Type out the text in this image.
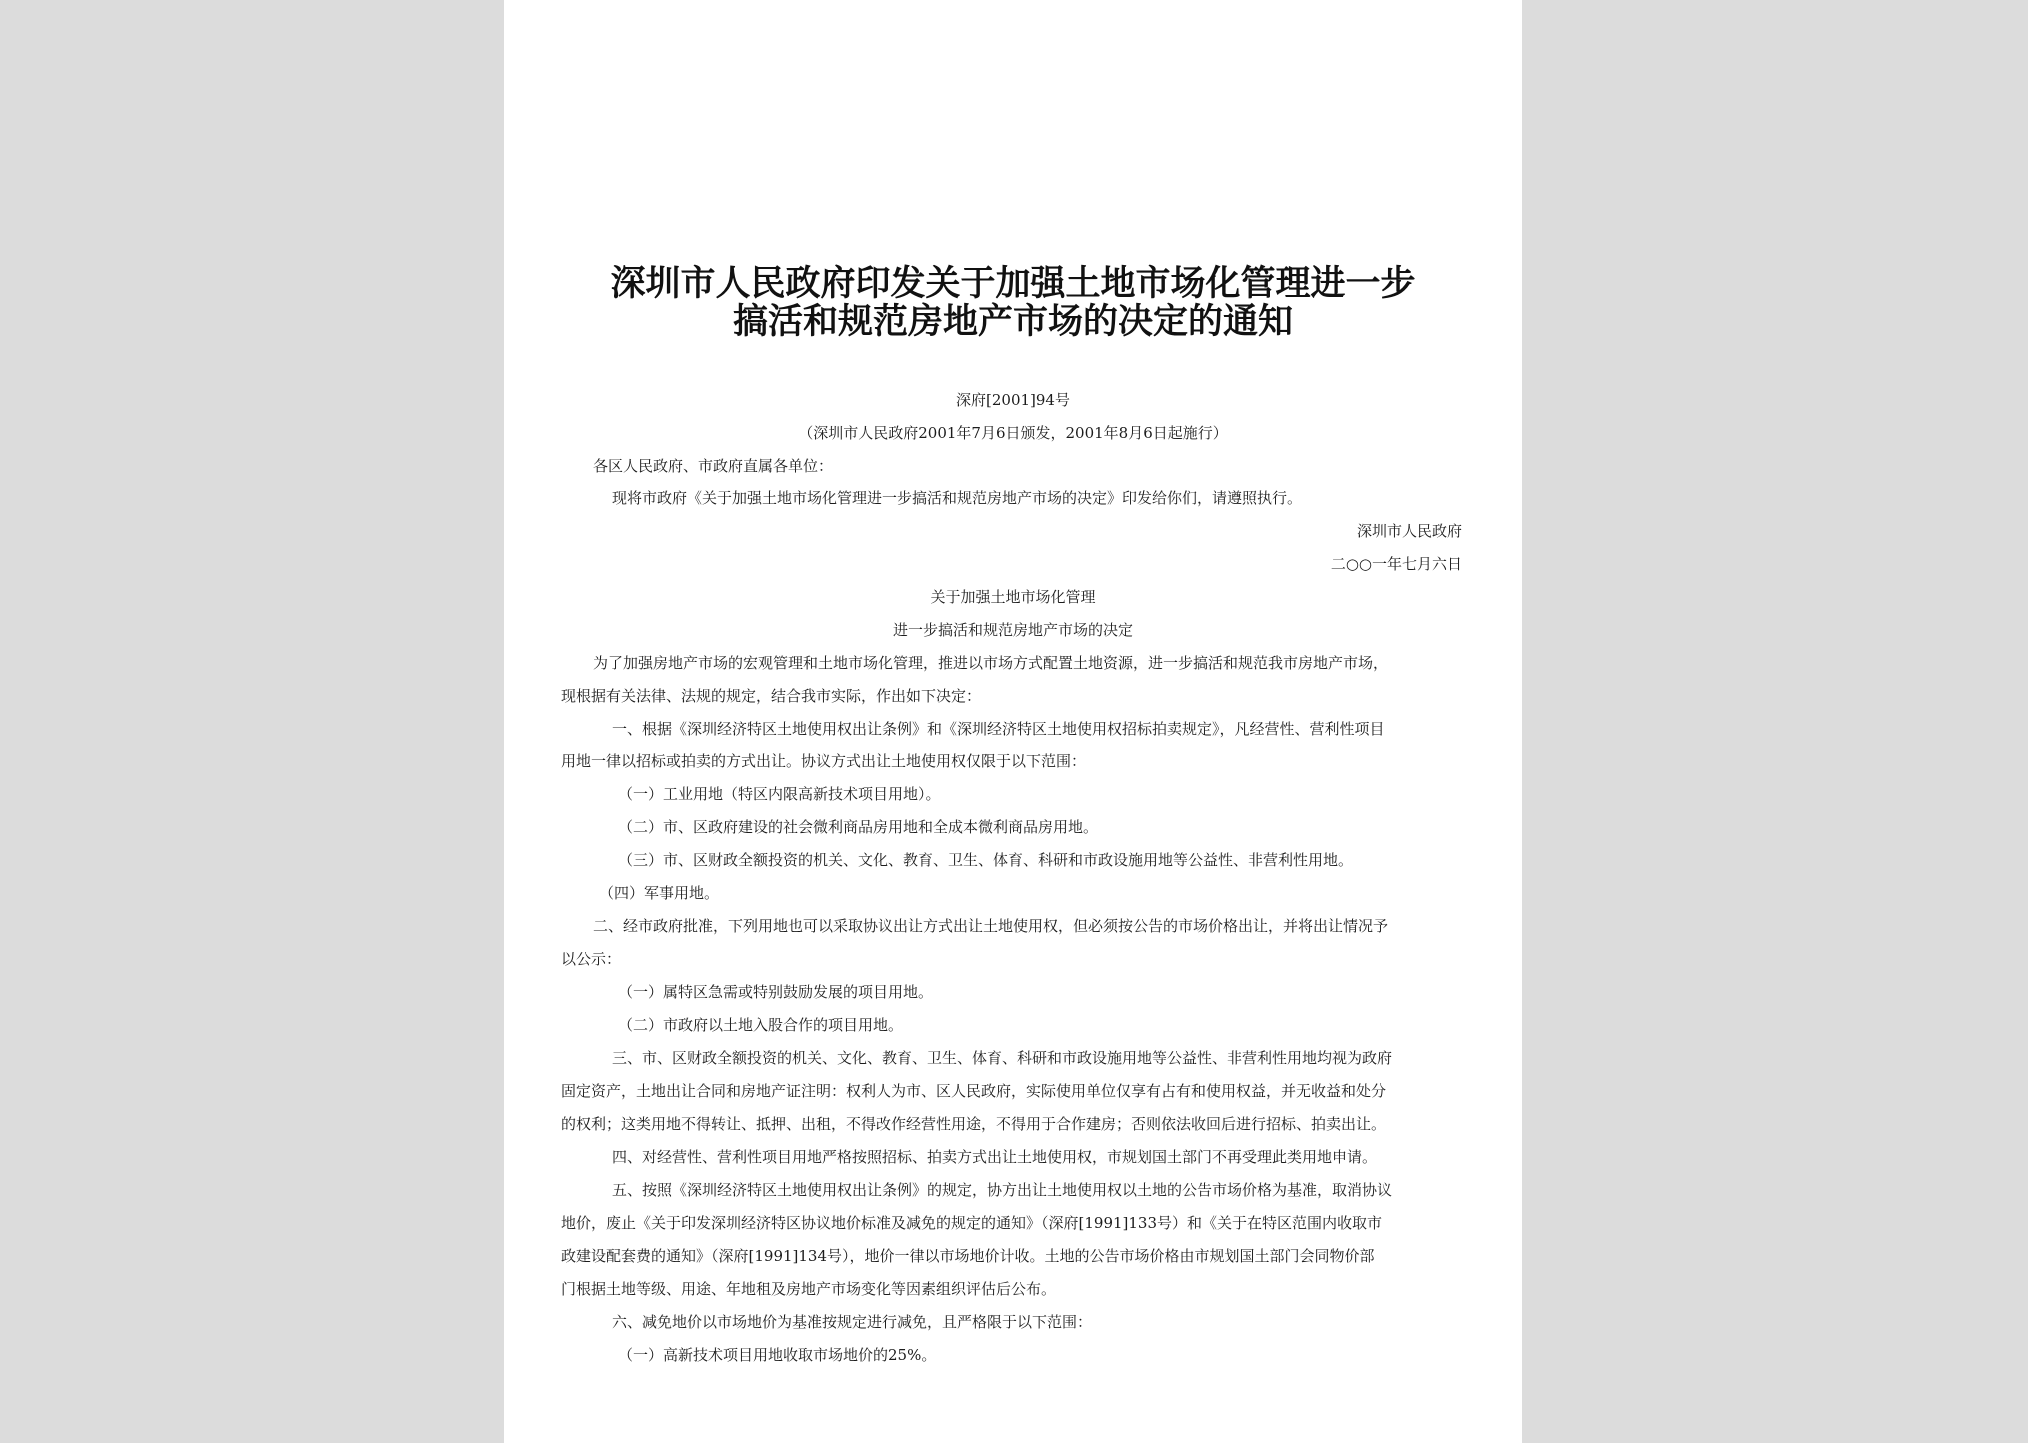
深圳市人民政府印发关于加强土地市场化管理进一步
搞活和规范房地产市场的决定的通知
深府[2001]94号
（深圳市人民政府2001年7月6日颁发，2001年8月6日起施行）
各区人民政府、市政府直属各单位：
现将市政府《关于加强土地市场化管理进一步搞活和规范房地产市场的决定》印发给你们，请遵照执行。
深圳市人民政府
二○○一年七月六日
关于加强土地市场化管理
进一步搞活和规范房地产市场的决定
为了加强房地产市场的宏观管理和土地市场化管理，推进以市场方式配置土地资源，进一步搞活和规范我市房地产市场，
现根据有关法律、法规的规定，结合我市实际，作出如下决定：
一、根据《深圳经济特区土地使用权出让条例》和《深圳经济特区土地使用权招标拍卖规定》，凡经营性、营利性项目
用地一律以招标或拍卖的方式出让。协议方式出让土地使用权仅限于以下范围：
（一）工业用地（特区内限高新技术项目用地）。
（二）市、区政府建设的社会微利商品房用地和全成本微利商品房用地。
（三）市、区财政全额投资的机关、文化、教育、卫生、体育、科研和市政设施用地等公益性、非营利性用地。
（四）军事用地。
二、经市政府批准，下列用地也可以采取协议出让方式出让土地使用权，但必须按公告的市场价格出让，并将出让情况予
以公示：
（一）属特区急需或特别鼓励发展的项目用地。
（二）市政府以土地入股合作的项目用地。
三、市、区财政全额投资的机关、文化、教育、卫生、体育、科研和市政设施用地等公益性、非营利性用地均视为政府
固定资产，土地出让合同和房地产证注明：权利人为市、区人民政府，实际使用单位仅享有占有和使用权益，并无收益和处分
的权利；这类用地不得转让、抵押、出租，不得改作经营性用途，不得用于合作建房；否则依法收回后进行招标、拍卖出让。
四、对经营性、营利性项目用地严格按照招标、拍卖方式出让土地使用权，市规划国土部门不再受理此类用地申请。
五、按照《深圳经济特区土地使用权出让条例》的规定，协方出让土地使用权以土地的公告市场价格为基准，取消协议
地价，废止《关于印发深圳经济特区协议地价标准及减免的规定的通知》（深府[1991]133号）和《关于在特区范围内收取市
政建设配套费的通知》（深府[1991]134号），地价一律以市场地价计收。土地的公告市场价格由市规划国土部门会同物价部
门根据土地等级、用途、年地租及房地产市场变化等因素组织评估后公布。
六、减免地价以市场地价为基准按规定进行减免，且严格限于以下范围：
（一）高新技术项目用地收取市场地价的25%。
